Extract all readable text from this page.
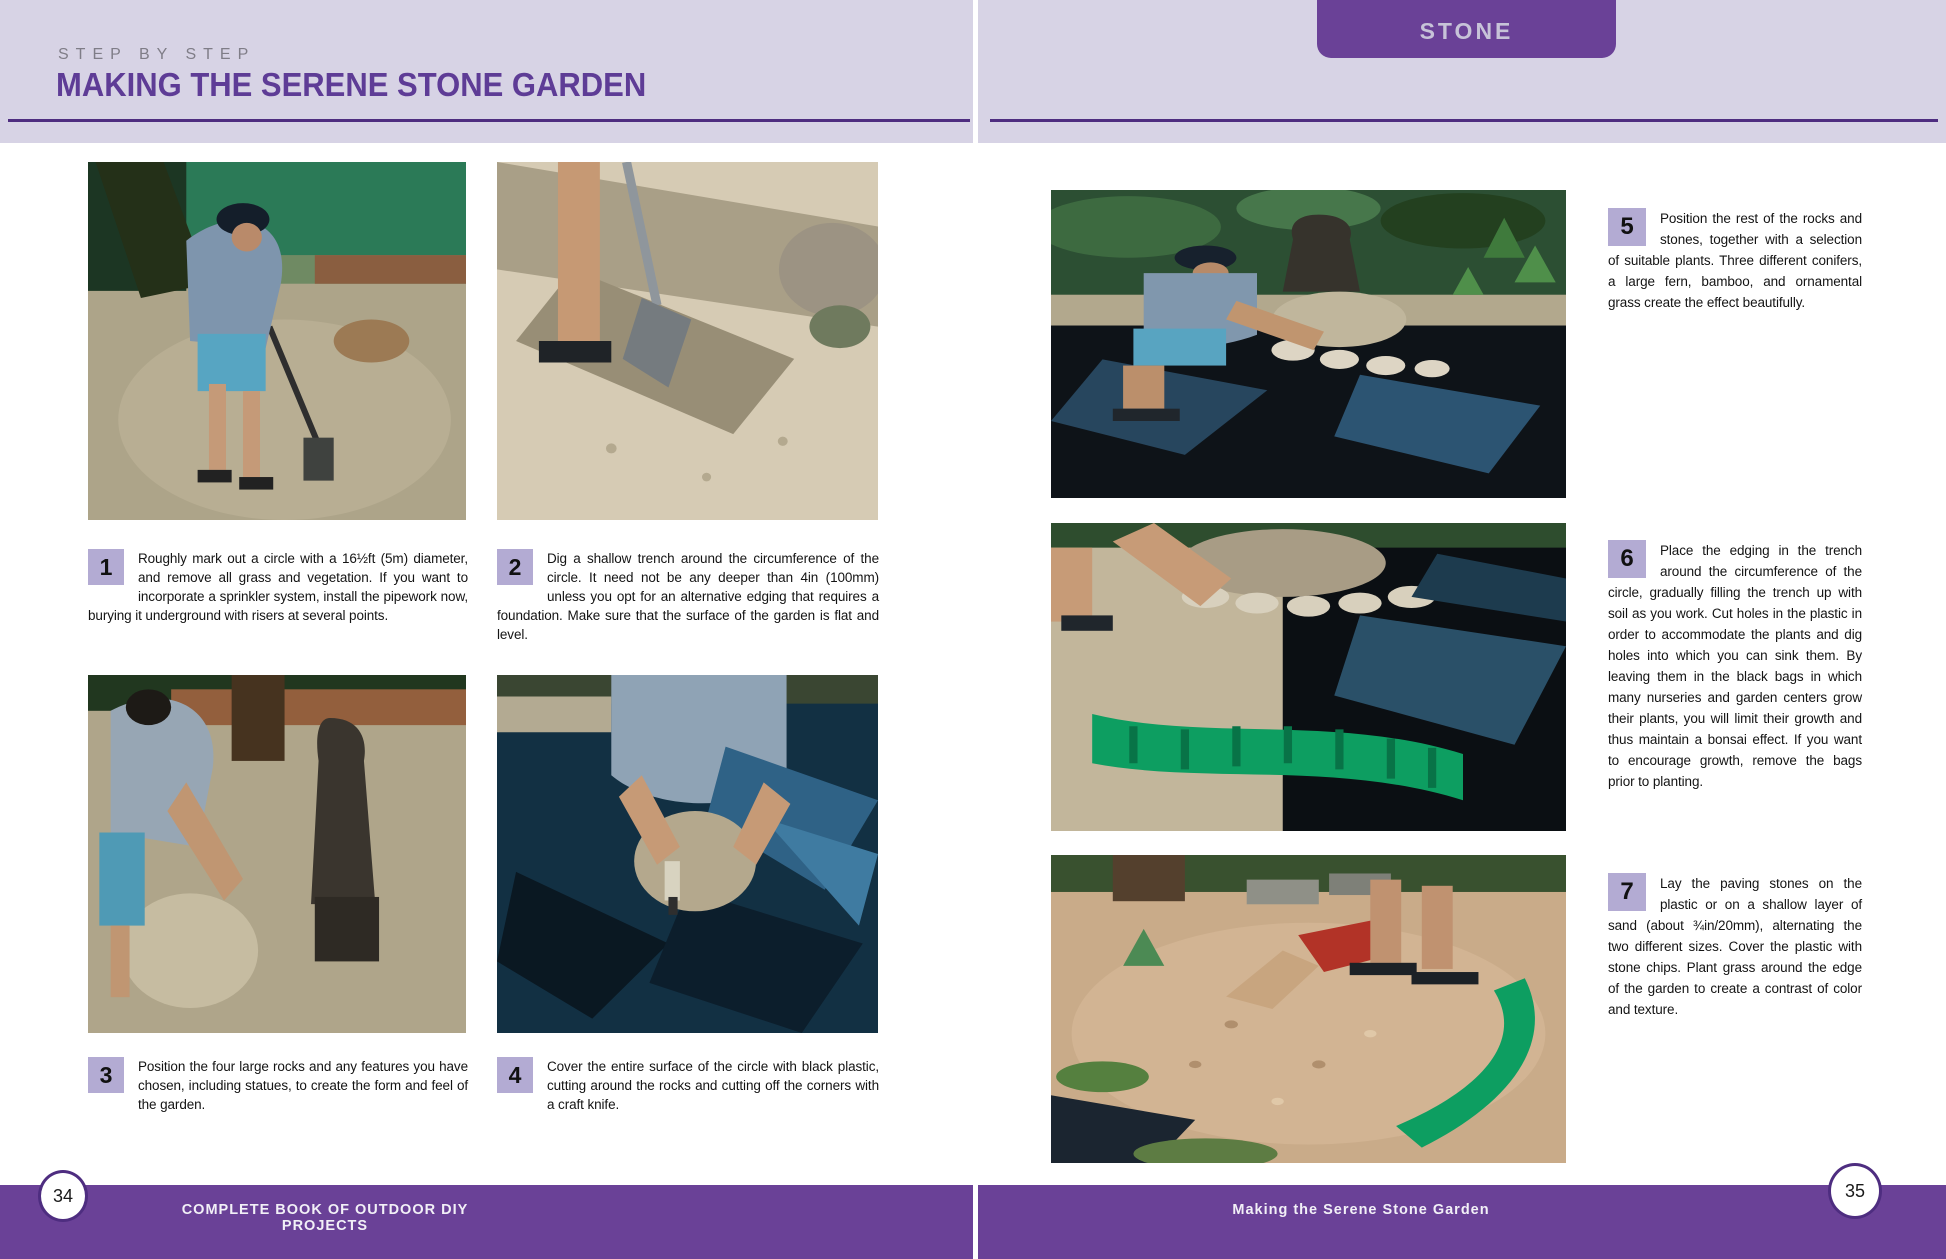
STEP BY STEP
MAKING THE SERENE STONE GARDEN
STONE
1	Roughly mark out a circle with a 16½ft (5m) diameter, and remove all grass and vegetation. If you want to incorporate a sprinkler system, install the pipework now, burying it underground with risers at several points.
2	Dig a shallow trench around the circumference of the circle. It need not be any deeper than 4in (100mm) unless you opt for an alternative edging that requires a foundation. Make sure that the surface of the garden is flat and level.
3	Position the four large rocks and any features you have chosen, including statues, to create the form and feel of the garden.
4	Cover the entire surface of the circle with black plastic, cutting around the rocks and cutting off the corners with a craft knife.
5	Position the rest of the rocks and stones, together with a selection of suitable plants. Three different conifers, a large fern, bamboo, and ornamental grass create the effect beautifully.
6	Place the edging in the trench around the circumference of the circle, gradually filling the trench up with soil as you work. Cut holes in the plastic in order to accommodate the plants and dig holes into which you can sink them. By leaving them in the black bags in which many nurseries and garden centers grow their plants, you will limit their growth and thus maintain a bonsai effect. If you want to encourage growth, remove the bags prior to planting.
7	Lay the paving stones on the plastic or on a shallow layer of sand (about ¾in/20mm), alternating the two different sizes. Cover the plastic with stone chips. Plant grass around the edge of the garden to create a contrast of color and texture.
34
COMPLETE BOOK OF OUTDOOR DIY PROJECTS
Making the Serene Stone Garden
35
